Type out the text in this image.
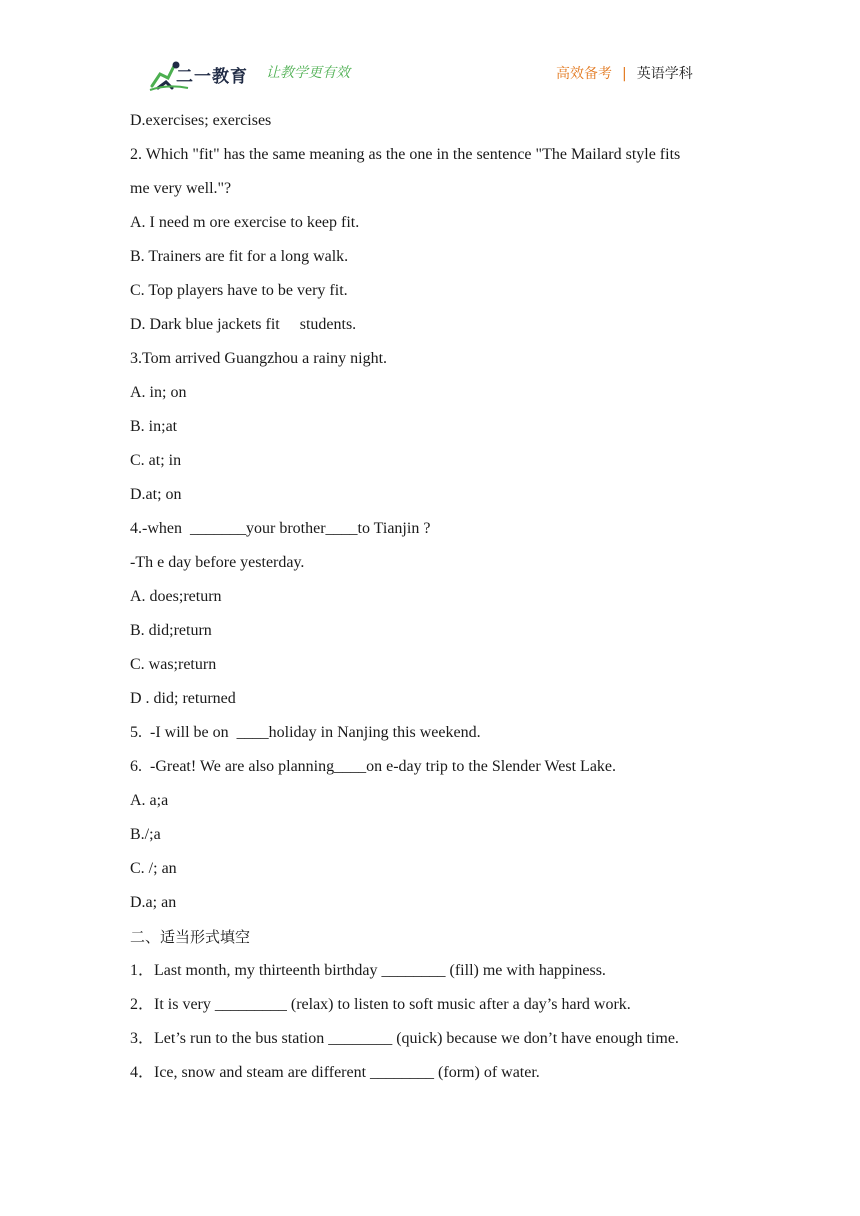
二一教育 让教学更有效	高效备考 | 英语学科
D.exercises; exercises
2. Which "fit" has the same meaning as the one in the sentence "The Mailard style fits
me very well."?
A. I need m ore exercise to keep fit.
B. Trainers are fit for a long walk.
C. Top players have to be very fit.
D. Dark blue jackets fit     students.
3.Tom arrived Guangzhou a rainy night.
A. in; on
B. in;at
C. at; in
D.at; on
4.-when  _______your brother____to Tianjin ?
-Th e day before yesterday.
A. does;return
B. did;return
C. was;return
D . did; returned
5.  -I will be on  ____holiday in Nanjing this weekend.
6.  -Great! We are also planning____on e-day trip to the Slender West Lake.
A. a;a
B./;a
C. /; an
D.a; an
二、适当形式填空
1．Last month, my thirteenth birthday ________ (fill) me with happiness.
2．It is very _________ (relax) to listen to soft music after a day’s hard work.
3．Let’s run to the bus station ________ (quick) because we don’t have enough time.
4．Ice, snow and steam are different ________ (form) of water.
